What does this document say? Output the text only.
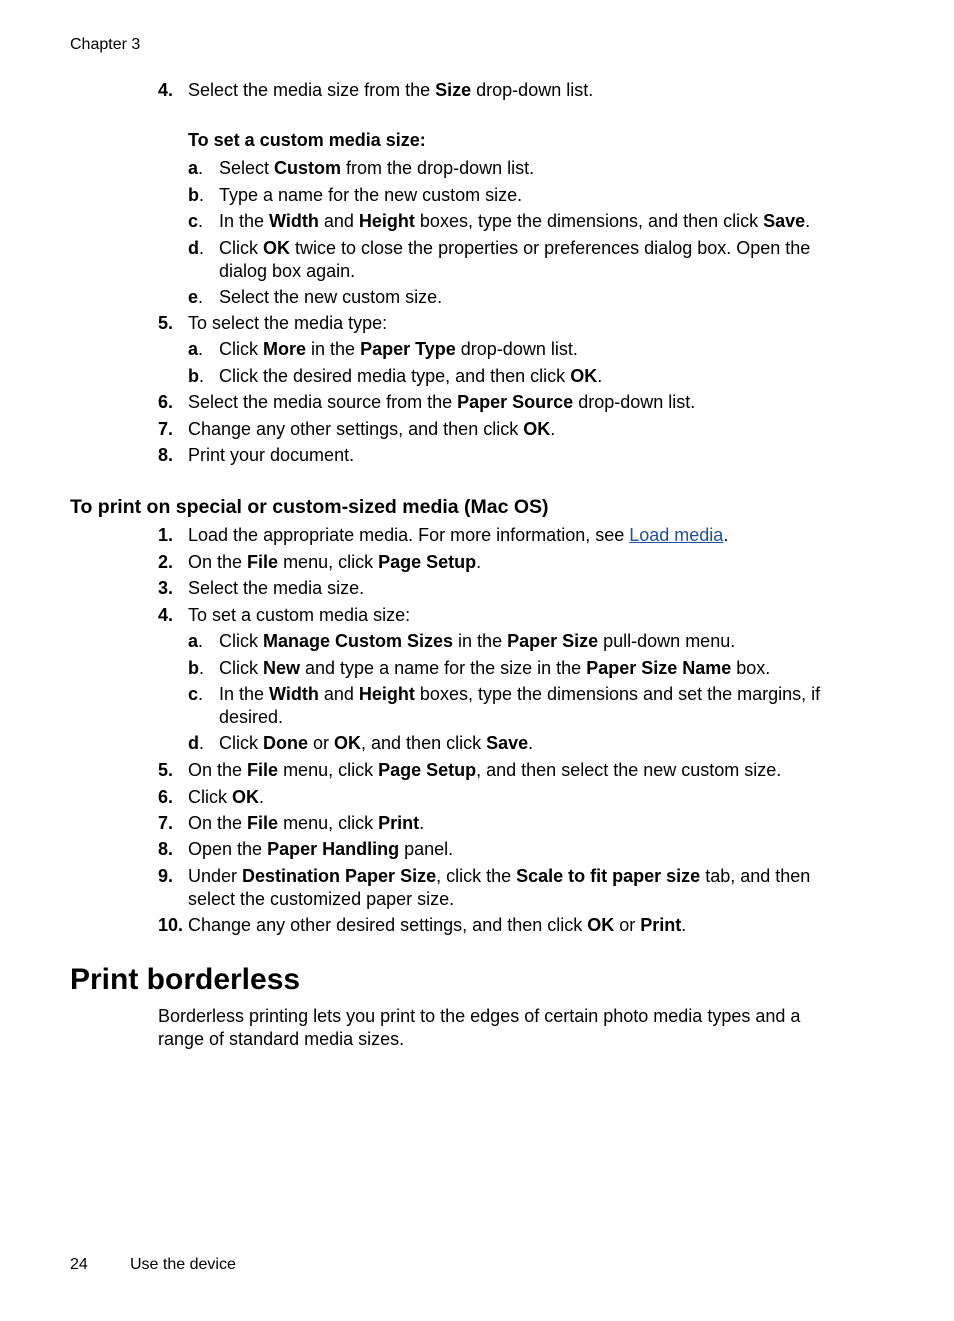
Chapter 3
4. Select the media size from the Size drop-down list.
To set a custom media size:
a. Select Custom from the drop-down list.
b. Type a name for the new custom size.
c. In the Width and Height boxes, type the dimensions, and then click Save.
d. Click OK twice to close the properties or preferences dialog box. Open the dialog box again.
e. Select the new custom size.
5. To select the media type:
a. Click More in the Paper Type drop-down list.
b. Click the desired media type, and then click OK.
6. Select the media source from the Paper Source drop-down list.
7. Change any other settings, and then click OK.
8. Print your document.
To print on special or custom-sized media (Mac OS)
1. Load the appropriate media. For more information, see Load media.
2. On the File menu, click Page Setup.
3. Select the media size.
4. To set a custom media size:
a. Click Manage Custom Sizes in the Paper Size pull-down menu.
b. Click New and type a name for the size in the Paper Size Name box.
c. In the Width and Height boxes, type the dimensions and set the margins, if desired.
d. Click Done or OK, and then click Save.
5. On the File menu, click Page Setup, and then select the new custom size.
6. Click OK.
7. On the File menu, click Print.
8. Open the Paper Handling panel.
9. Under Destination Paper Size, click the Scale to fit paper size tab, and then select the customized paper size.
10. Change any other desired settings, and then click OK or Print.
Print borderless
Borderless printing lets you print to the edges of certain photo media types and a range of standard media sizes.
24	Use the device
